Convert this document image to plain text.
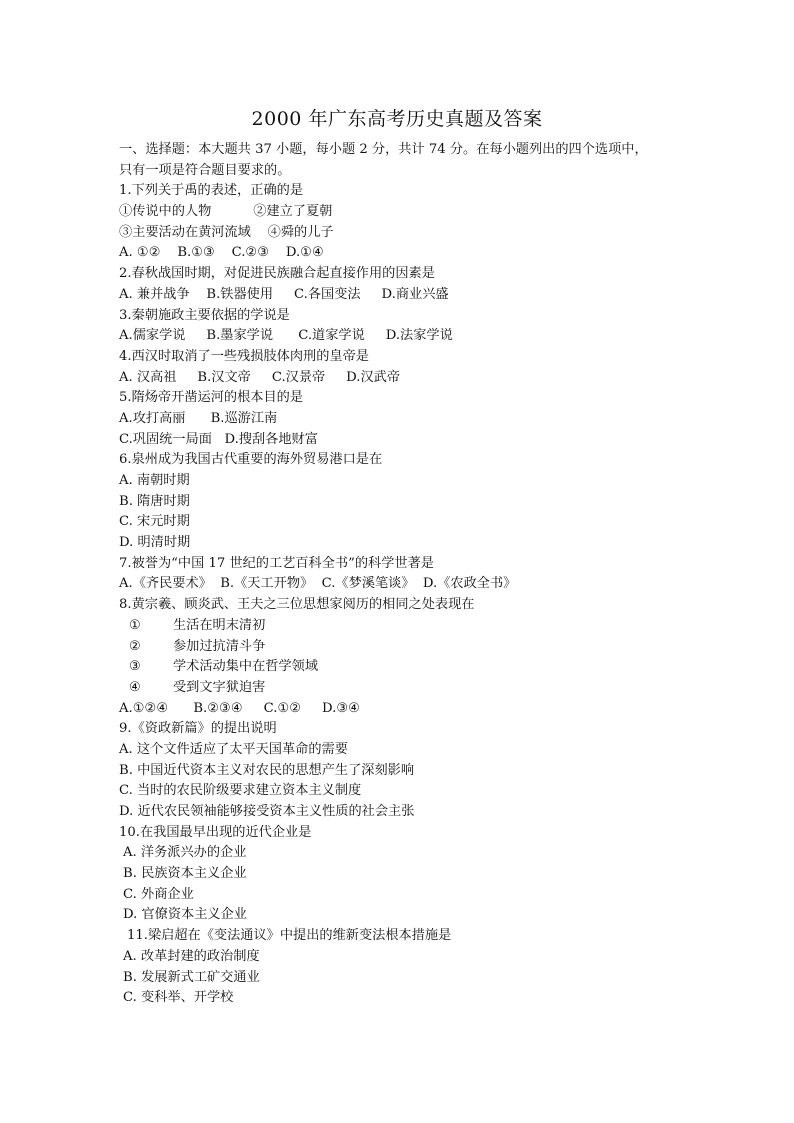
2000 年广东高考历史真题及答案
一、选择题：本大题共 37 小题，每小题 2 分，共计 74 分。在每小题列出的四个选项中，
只有一项是符合题目要求的。
1.下列关于禹的表述，正确的是
①传说中的人物          ②建立了夏朝
③主要活动在黄河流域    ④舜的儿子
A. ①②    B.①③    C.②③    D.①④
2.春秋战国时期，对促进民族融合起直接作用的因素是
A. 兼并战争    B.铁器使用     C.各国变法     D.商业兴盛
3.秦朝施政主要依据的学说是
A.儒家学说     B.墨家学说      C.道家学说     D.法家学说
4.西汉时取消了一些残损肢体肉刑的皇帝是
A. 汉高祖     B.汉文帝     C.汉景帝     D.汉武帝
5.隋炀帝开凿运河的根本目的是
A.攻打高丽      B.巡游江南
C.巩固统一局面   D.搜刮各地财富
6.泉州成为我国古代重要的海外贸易港口是在
A. 南朝时期
B. 隋唐时期
C. 宋元时期
D. 明清时期
7.被誉为“中国 17 世纪的工艺百科全书”的科学世著是
A.《齐民要术》  B.《天工开物》  C.《梦溪笔谈》  D.《农政全书》
8.黄宗羲、顾炎武、王夫之三位思想家阅历的相同之处表现在
①	生活在明末清初
②	参加过抗清斗争
③	学术活动集中在哲学领域
④	受到文字狱迫害
A.①②④      B.②③④     C.①②     D.③④
9.《资政新篇》的提出说明
A. 这个文件适应了太平天国革命的需要
B. 中国近代资本主义对农民的思想产生了深刻影响
C. 当时的农民阶级要求建立资本主义制度
D. 近代农民领袖能够接受资本主义性质的社会主张
10.在我国最早出现的近代企业是
A. 洋务派兴办的企业
B. 民族资本主义企业
C. 外商企业
D. 官僚资本主义企业
11.梁启超在《变法通议》中提出的维新变法根本措施是
A. 改革封建的政治制度
B. 发展新式工矿交通业
C. 变科举、开学校
